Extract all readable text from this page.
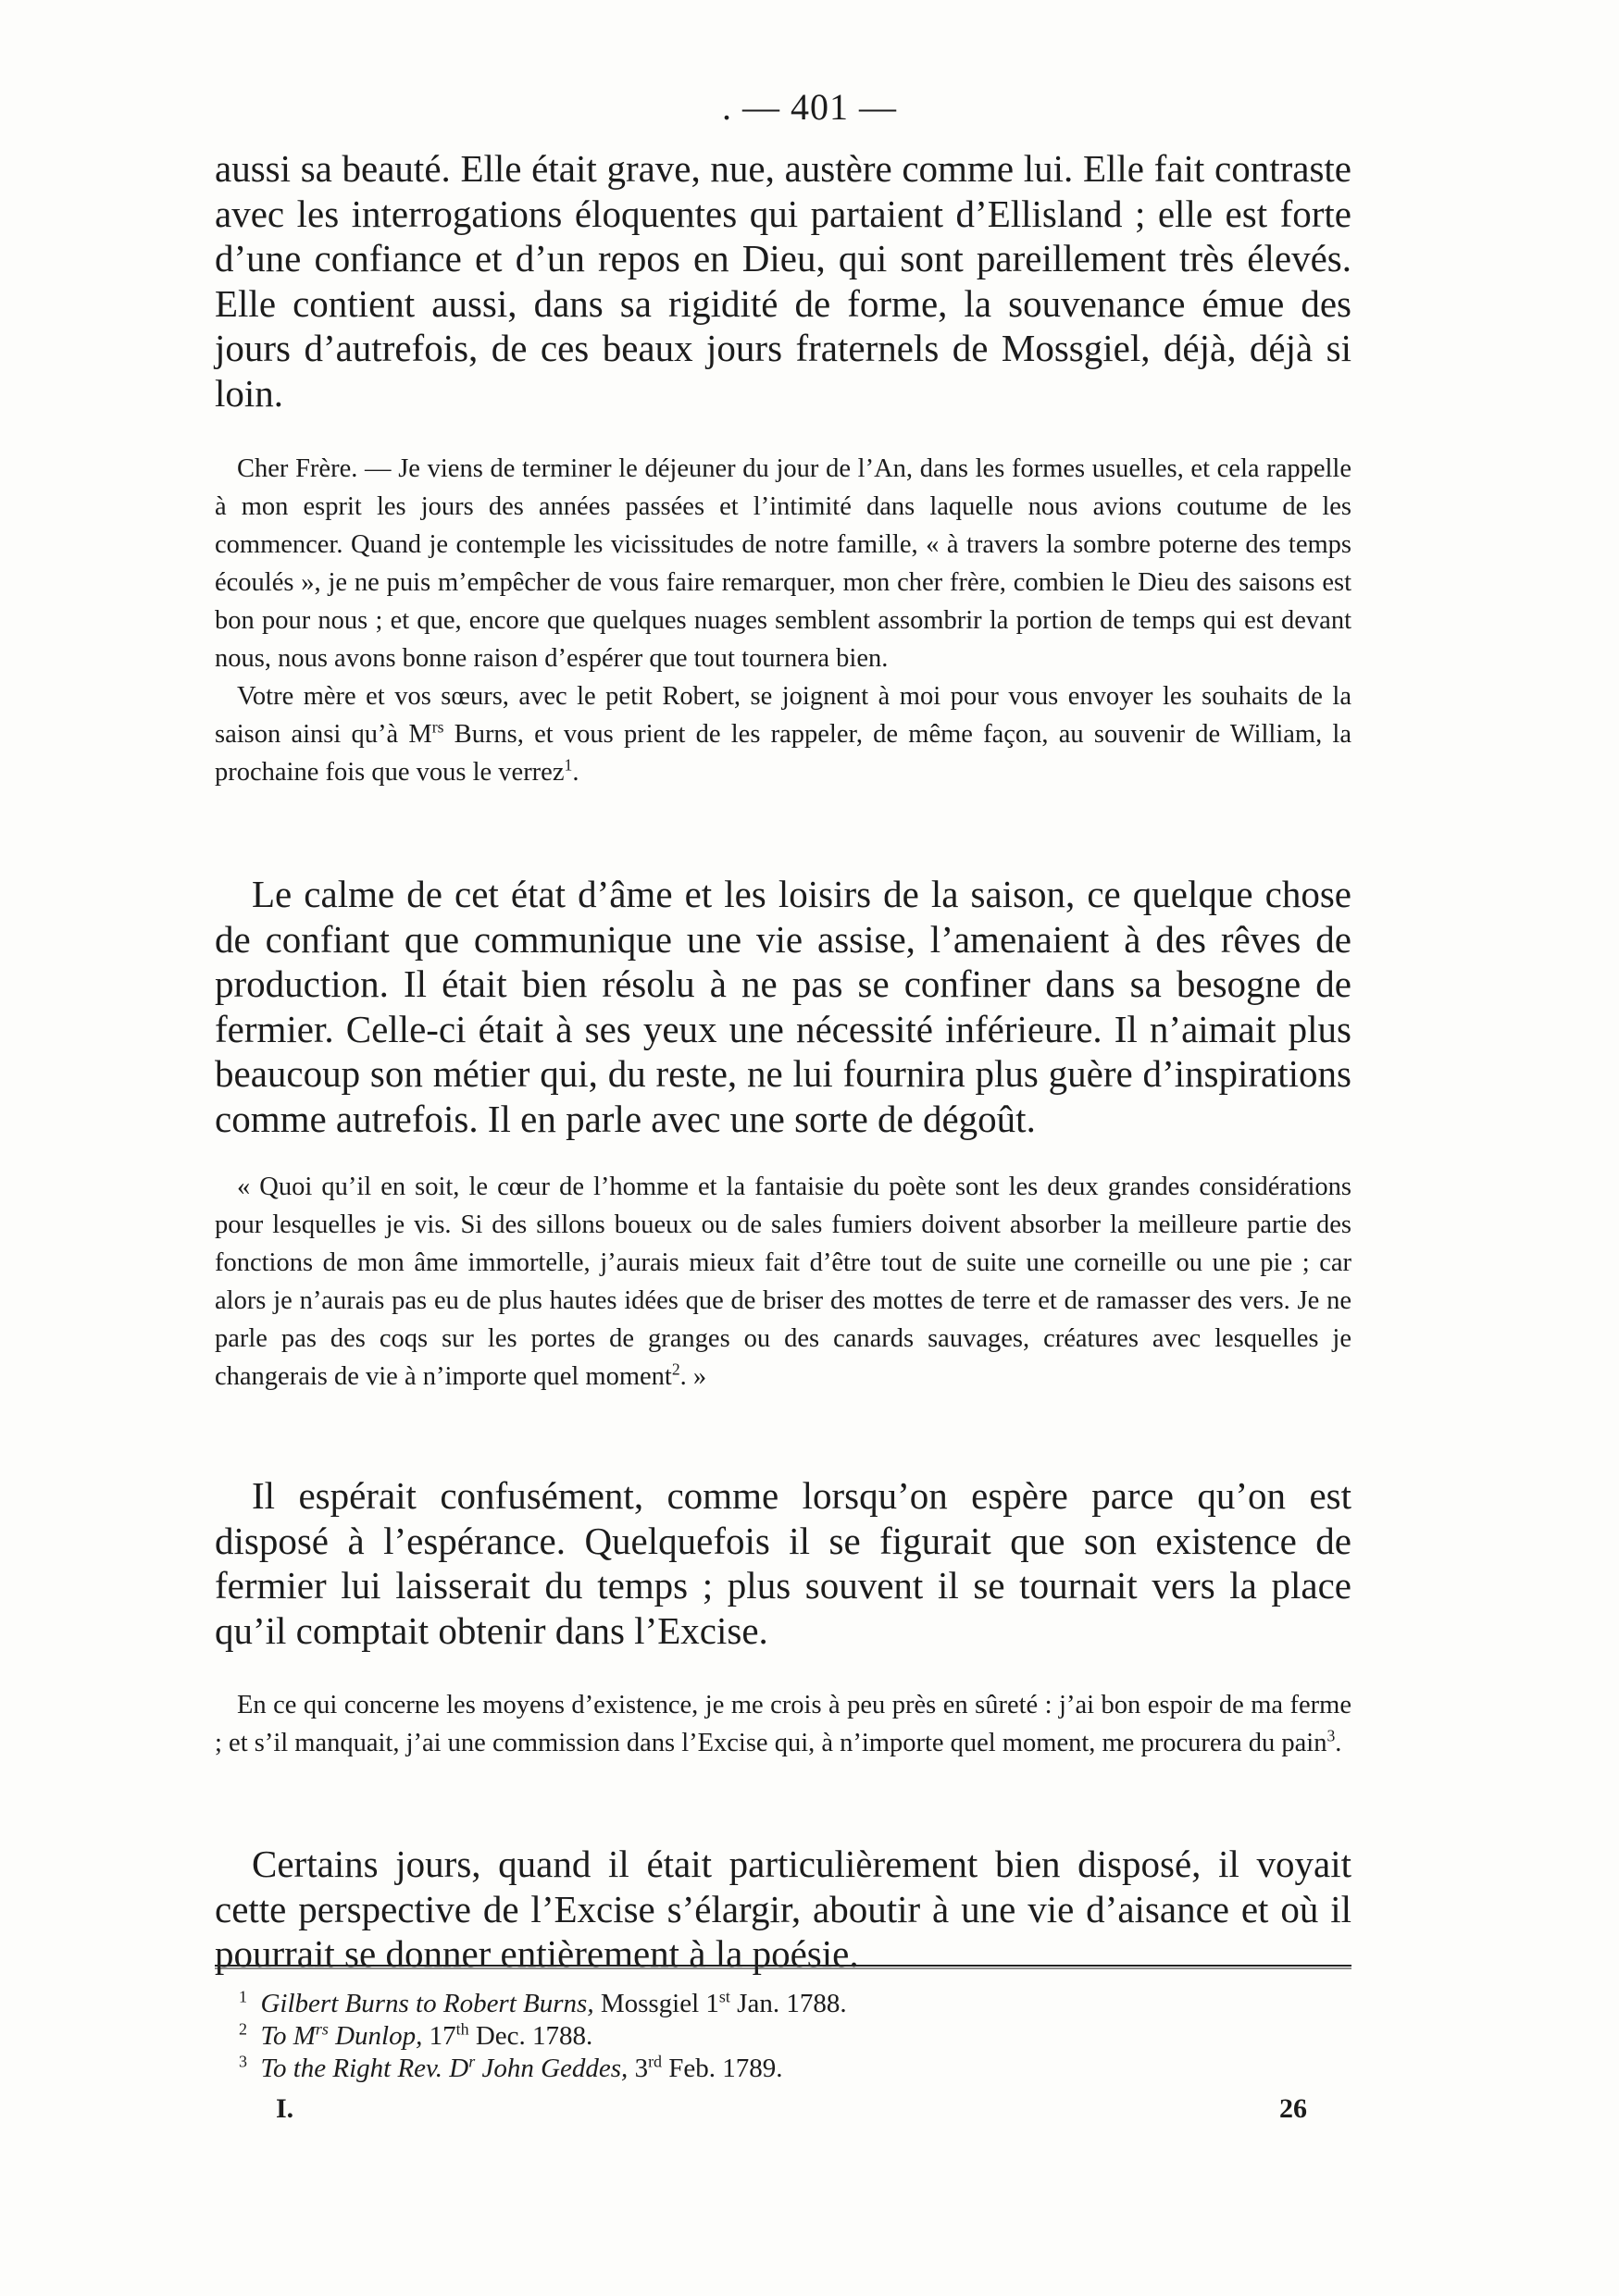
. — 401 —

aussi sa beauté. Elle était grave, nue, austère comme lui. Elle fait contraste avec les interrogations éloquentes qui partaient d’Ellisland ; elle est forte d’une confiance et d’un repos en Dieu, qui sont pareillement très élevés. Elle contient aussi, dans sa rigidité de forme, la souvenance émue des jours d’autrefois, de ces beaux jours fraternels de Mossgiel, déjà, déjà si loin.

Cher Frère. — Je viens de terminer le déjeuner du jour de l’An, dans les formes usuelles, et cela rappelle à mon esprit les jours des années passées et l’intimité dans laquelle nous avions coutume de les commencer. Quand je contemple les vicissitudes de notre famille, « à travers la sombre poterne des temps écoulés », je ne puis m’empêcher de vous faire remarquer, mon cher frère, combien le Dieu des saisons est bon pour nous ; et que, encore que quelques nuages semblent assombrir la portion de temps qui est devant nous, nous avons bonne raison d’espérer que tout tournera bien.

Votre mère et vos sœurs, avec le petit Robert, se joignent à moi pour vous envoyer les souhaits de la saison ainsi qu’à $M^{rs}$ Burns, et vous prient de les rappeler, de même façon, au souvenir de William, la prochaine fois que vous le verrez$^1$.

Le calme de cet état d’âme et les loisirs de la saison, ce quelque chose de confiant que communique une vie assise, l’amenaient à des rêves de production. Il était bien résolu à ne pas se confiner dans sa besogne de fermier. Celle-ci était à ses yeux une nécessité inférieure. Il n’aimait plus beaucoup son métier qui, du reste, ne lui fournira plus guère d’inspirations comme autrefois. Il en parle avec une sorte de dégoût.

« Quoi qu’il en soit, le cœur de l’homme et la fantaisie du poète sont les deux grandes considérations pour lesquelles je vis. Si des sillons boueux ou de sales fumiers doivent absorber la meilleure partie des fonctions de mon âme immortelle, j’aurais mieux fait d’être tout de suite une corneille ou une pie ; car alors je n’aurais pas eu de plus hautes idées que de briser des mottes de terre et de ramasser des vers. Je ne parle pas des coqs sur les portes de granges ou des canards sauvages, créatures avec lesquelles je changerais de vie à n’importe quel moment$^2$. »

Il espérait confusément, comme lorsqu’on espère parce qu’on est disposé à l’espérance. Quelquefois il se figurait que son existence de fermier lui laisserait du temps ; plus souvent il se tournait vers la place qu’il comptait obtenir dans l’Excise.

En ce qui concerne les moyens d’existence, je me crois à peu près en sûreté : j’ai bon espoir de ma ferme ; et s’il manquait, j’ai une commission dans l’Excise qui, à n’importe quel moment, me procurera du pain$^3$.

Certains jours, quand il était particulièrement bien disposé, il voyait cette perspective de l’Excise s’élargir, aboutir à une vie d’aisance et où il pourrait se donner entièrement à la poésie.

$^1$ Gilbert Burns to Robert Burns, Mossgiel 1st Jan. 1788.

$^2$ To $M^{rs}$ Dunlop, 17th Dec. 1788.

$^3$ To the Right Rev. $D^r$ John Geddes, 3rd Feb. 1789.

I.	26
